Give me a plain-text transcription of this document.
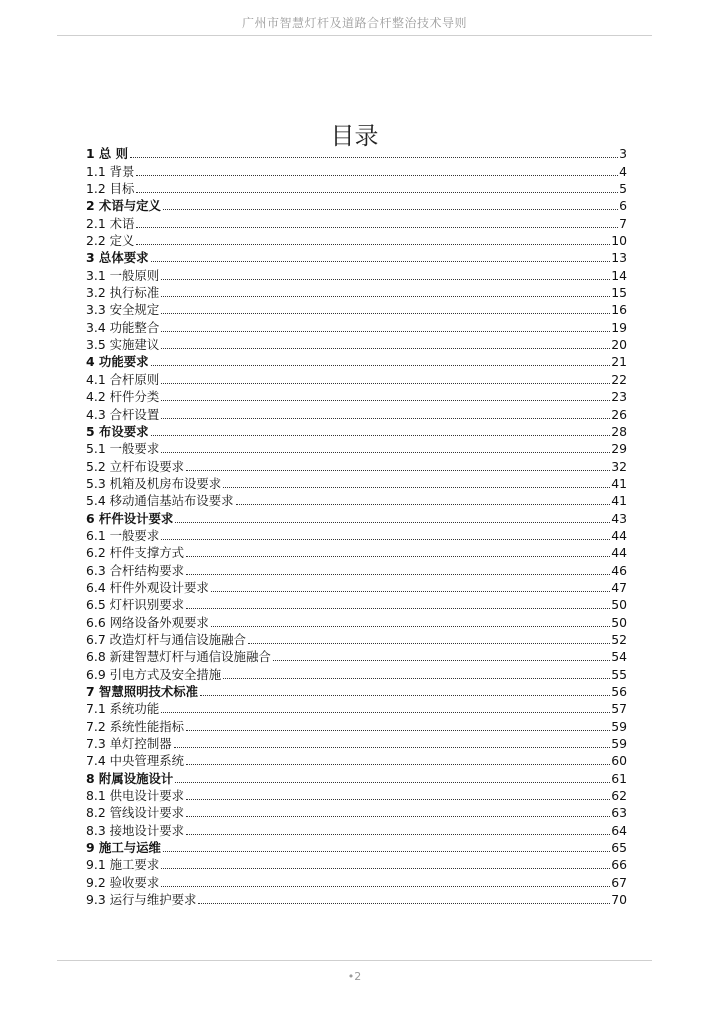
广州市智慧灯杆及道路合杆整治技术导则
目录
1 总 则	3
1.1 背景	4
1.2 目标	5
2 术语与定义	6
2.1 术语	7
2.2 定义	10
3 总体要求	13
3.1 一般原则	14
3.2 执行标准	15
3.3 安全规定	16
3.4 功能整合	19
3.5 实施建议	20
4 功能要求	21
4.1 合杆原则	22
4.2 杆件分类	23
4.3 合杆设置	26
5 布设要求	28
5.1 一般要求	29
5.2 立杆布设要求	32
5.3 机箱及机房布设要求	41
5.4 移动通信基站布设要求	41
6 杆件设计要求	43
6.1 一般要求	44
6.2 杆件支撑方式	44
6.3 合杆结构要求	46
6.4 杆件外观设计要求	47
6.5 灯杆识别要求	50
6.6 网络设备外观要求	50
6.7 改造灯杆与通信设施融合	52
6.8 新建智慧灯杆与通信设施融合	54
6.9 引电方式及安全措施	55
7 智慧照明技术标准	56
7.1 系统功能	57
7.2 系统性能指标	59
7.3 单灯控制器	59
7.4 中央管理系统	60
8 附属设施设计	61
8.1 供电设计要求	62
8.2 管线设计要求	63
8.3 接地设计要求	64
9 施工与运维	65
9.1 施工要求	66
9.2 验收要求	67
9.3 运行与维护要求	70
•2
